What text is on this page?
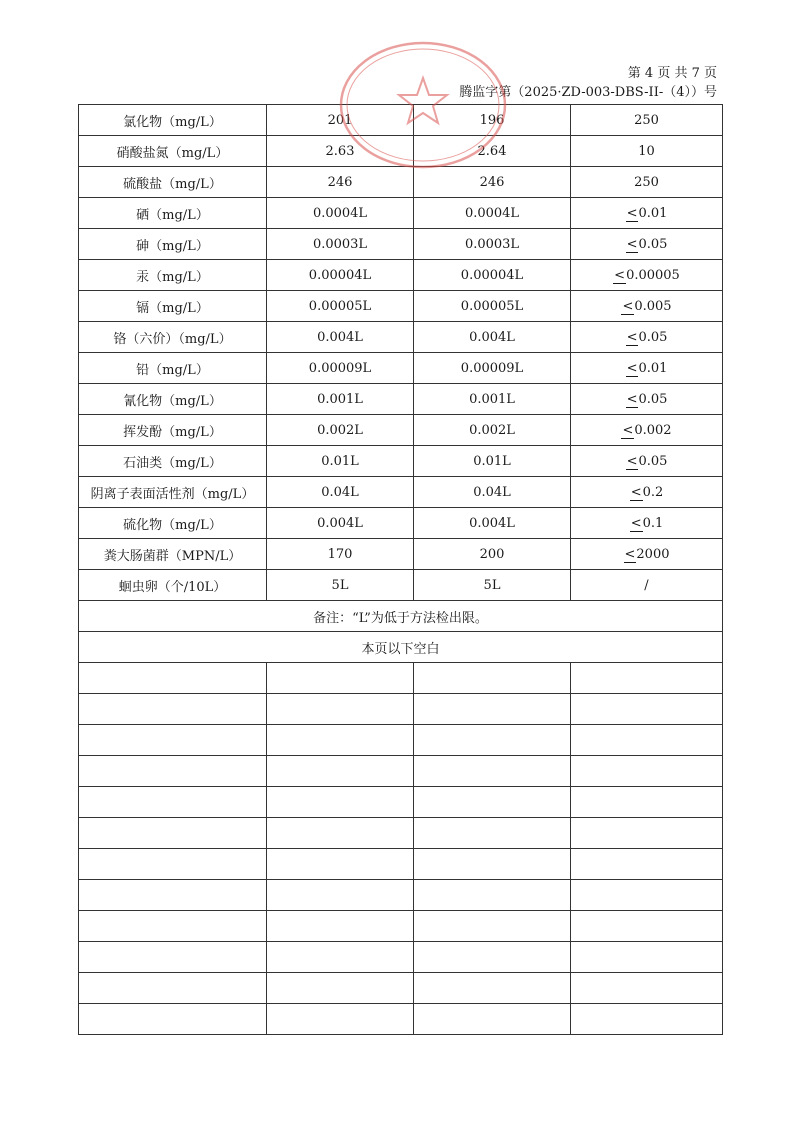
第 4 页 共 7 页
腾监字第（2025·ZD-003-DBS-II-（4））号
氯化物（mg/L）	201	196	250
硝酸盐氮（mg/L）	2.63	2.64	10
硫酸盐（mg/L）	246	246	250
硒（mg/L）	0.0004L	0.0004L	<0.01
砷（mg/L）	0.0003L	0.0003L	<0.05
汞（mg/L）	0.00004L	0.00004L	<0.00005
镉（mg/L）	0.00005L	0.00005L	<0.005
铬（六价）（mg/L）	0.004L	0.004L	<0.05
铅（mg/L）	0.00009L	0.00009L	<0.01
氰化物（mg/L）	0.001L	0.001L	<0.05
挥发酚（mg/L）	0.002L	0.002L	<0.002
石油类（mg/L）	0.01L	0.01L	<0.05
阴离子表面活性剂（mg/L）	0.04L	0.04L	<0.2
硫化物（mg/L）	0.004L	0.004L	<0.1
粪大肠菌群（MPN/L）	170	200	<2000
蛔虫卵（个/10L）	5L	5L	/
备注：“L”为低于方法检出限。			
本页以下空白			
